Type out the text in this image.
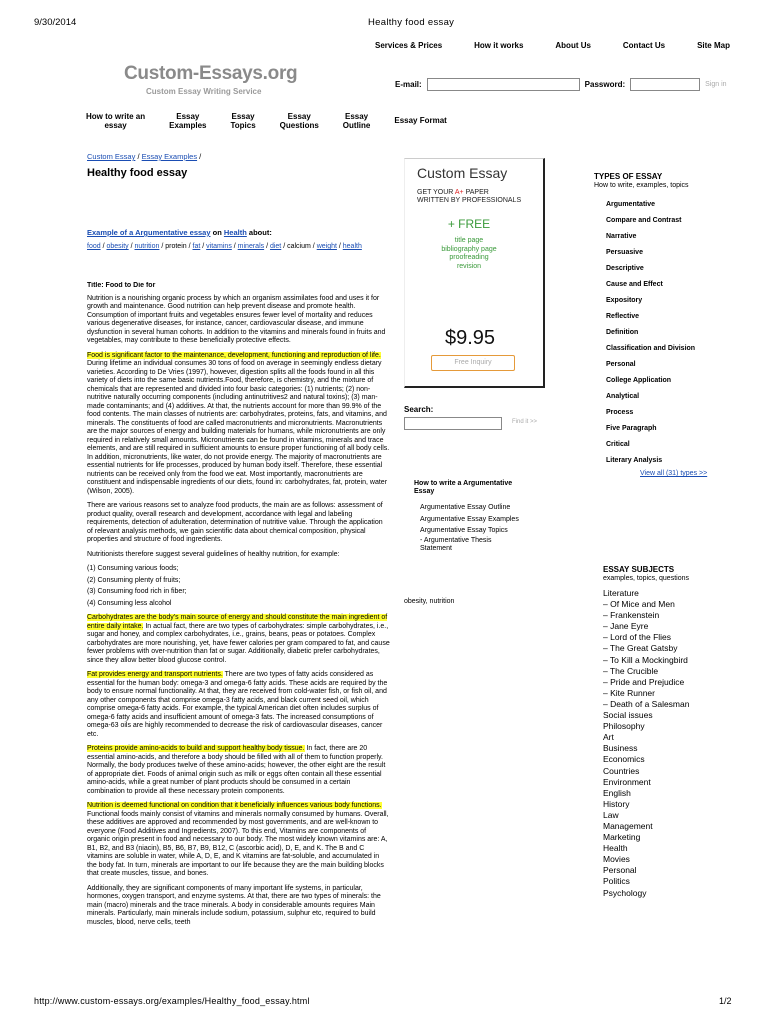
9/30/2014	Healthy food essay
Services & Prices	How it works	About Us	Contact Us	Site Map
Custom-Essays.org
Custom Essay Writing Service
E-mail:	Password:	Sign in
How to write an
essay
Essay
Examples
Essay
Topics
Essay
Questions
Essay
Outline
Essay Format
Custom Essay / Essay Examples /
Healthy food essay
Example of a Argumentative essay on Health about:
food / obesity / nutrition / protein / fat / vitamins / minerals / diet / calcium / weight / health

Title: Food to Die for

Nutrition is a nourishing organic process by which an organism assimilates food and uses it for growth and maintenance. Good nutrition can help prevent disease and promote health. Consumption of important fruits and vegetables ensures fewer level of mortality and reduces various degenerative diseases, for instance, cancer, cardiovascular disease, and immune dysfunction in several human cohorts. In addition to the vitamins and minerals found in fruits and vegetables, may contribute to these beneficially protective effects.

Food is significant factor to the maintenance, development, functioning and reproduction of life. During lifetime an individual consumes 30 tons of food on average in seemingly endless dietary varieties. According to De Vries (1997), however, digestion splits all the foods found in all this variety of diets into the same basic nutrients.Food, therefore, is chemistry, and the mixture of chemicals that are represented and divided into four basic categories: (1) nutrients; (2) non-nutritive naturally occurring components (including antinutritives2 and natural toxins); (3) man-made contaminants; and (4) additives. At that, the nutrients account for more than 99.9% of the food contents. The main classes of nutrients are: carbohydrates, proteins, fats, and vitamins, and minerals. The constituents of food are called macronutrients and micronutrients. Macronutrients are the major sources of energy and building materials for humans, while micronutrients are only required in relatively small amounts. Micronutrients can be found in vitamins, minerals and trace elements, and are still required in sufficient amounts to ensure proper functioning of all body cells. In addition, micronutrients, like water, do not provide energy. The majority of macronutrients are essential nutrients for life processes, produced by human body itself. Therefore, these essential nutrients can be received only from the food we eat. Most importantly, macronutrients are constituent and indispensable ingredients of our diets, found in: carbohydrates, fat, protein, water (Wilson, 2005).

There are various reasons set to analyze food products, the main are as follows: assessment of product quality, overall research and development, accordance with legal and labeling requirements, detection of adulteration, determination of nutritive value. Through the application of relevant analysis methods, we gain scientific data about chemical composition, physical properties and structure of food ingredients.

Nutritionists therefore suggest several guidelines of healthy nutrition, for example:

(1) Consuming various foods;

(2) Consuming plenty of fruits;

(3) Consuming food rich in fiber;

(4) Consuming less alcohol

Carbohydrates are the body's main source of energy and should constitute the main ingredient of entire daily intake. In actual fact, there are two types of carbohydrates: simple carbohydrates, i.e., sugar and honey, and complex carbohydrates, i.e., grains, beans, peas or potatoes. Complex carbohydrates are more nourishing, yet, have fewer calories per gram compared to fat, and cause fewer problems with over-nutrition than fat or sugar. Additionally, diabetic prefer carbohydrates, since they allow better blood glucose control.

Fat provides energy and transport nutrients. There are two types of fatty acids considered as essential for the human body: omega-3 and omega-6 fatty acids. These acids are required by the body to ensure normal functionality. At that, they are received from cold-water fish, or fish oil, and any other components that comprise omega-3 fatty acids, and black current seed oil, which comprise omega-6 fatty acids. For example, the typical American diet often includes surplus of omega-6 fatty acids and insufficient amount of omega-3 fats. The increased consumptions of omega-63 oils are highly recommended to decrease the risk of cardiovascular diseases, cancer etc.

Proteins provide amino-acids to build and support healthy body tissue. In fact, there are 20 essential amino-acids, and therefore a body should be filled with all of them to function properly. Normally, the body produces twelve of these amino-acids; however, the other eight are the result of appropriate diet. Foods of animal origin such as milk or eggs often contain all these essential amino-acids, while a great number of plant products should be consumed in a certain combination to provide all these necessary protein components.

Nutrition is deemed functional on condition that it beneficially influences various body functions. Functional foods mainly consist of vitamins and minerals normally consumed by humans. Overall, these additives are approved and recommended by most governments, and are well-known to everyone (Food Additives and Ingredients, 2007). To this end, Vitamins are components of organic origin present in food and necessary to our body. The most widely known vitamins are: A, B1, B2, and B3 (niacin), B5, B6, B7, B9, B12, C (ascorbic acid), D, E, and K. The B and C vitamins are soluble in water, while A, D, E, and K vitamins are fat-soluble, and accumulated in the body fat. In turn, minerals are important to our life because they are the main building blocks that create muscles, tissue, and bones.

Additionally, they are significant components of many important life systems, in particular, hormones, oxygen transport, and enzyme systems. At that, there are two types of minerals: the main (macro) minerals and the trace minerals. A body in considerable amounts requires Main minerals. Particularly, main minerals include sodium, potassium, sulphur etc, required to build muscles, blood, nerve cells, teeth

Custom Essay
GET YOUR A+ PAPER
WRITTEN BY PROFESSIONALS
+ FREE
title page
bibliography page
proofreading
revision
$9.95
Free Inquiry
Search:
Find it >>
How to write a Argumentative Essay
Argumentative Essay Outline
Argumentative Essay Examples
Argumentative Essay Topics
- Argumentative Thesis Statement
obesity, nutrition
TYPES OF ESSAY
How to write, examples, topics
Argumentative
Compare and Contrast
Narrative
Persuasive
Descriptive
Cause and Effect
Expository
Reflective
Definition
Classification and Division
Personal
College Application
Analytical
Process
Five Paragraph
Critical
Literary Analysis
View all (31) types >>
ESSAY SUBJECTS
examples, topics, questions
Literature
– Of Mice and Men
– Frankenstein
– Jane Eyre
– Lord of the Flies
– The Great Gatsby
– To Kill a Mockingbird
– The Crucible
– Pride and Prejudice
– Kite Runner
– Death of a Salesman
Social issues
Philosophy
Art
Business
Economics
Countries
Environment
English
History
Law
Management
Marketing
Health
Movies
Personal
Politics
Psychology
http://www.custom-essays.org/examples/Healthy_food_essay.html	1/2
